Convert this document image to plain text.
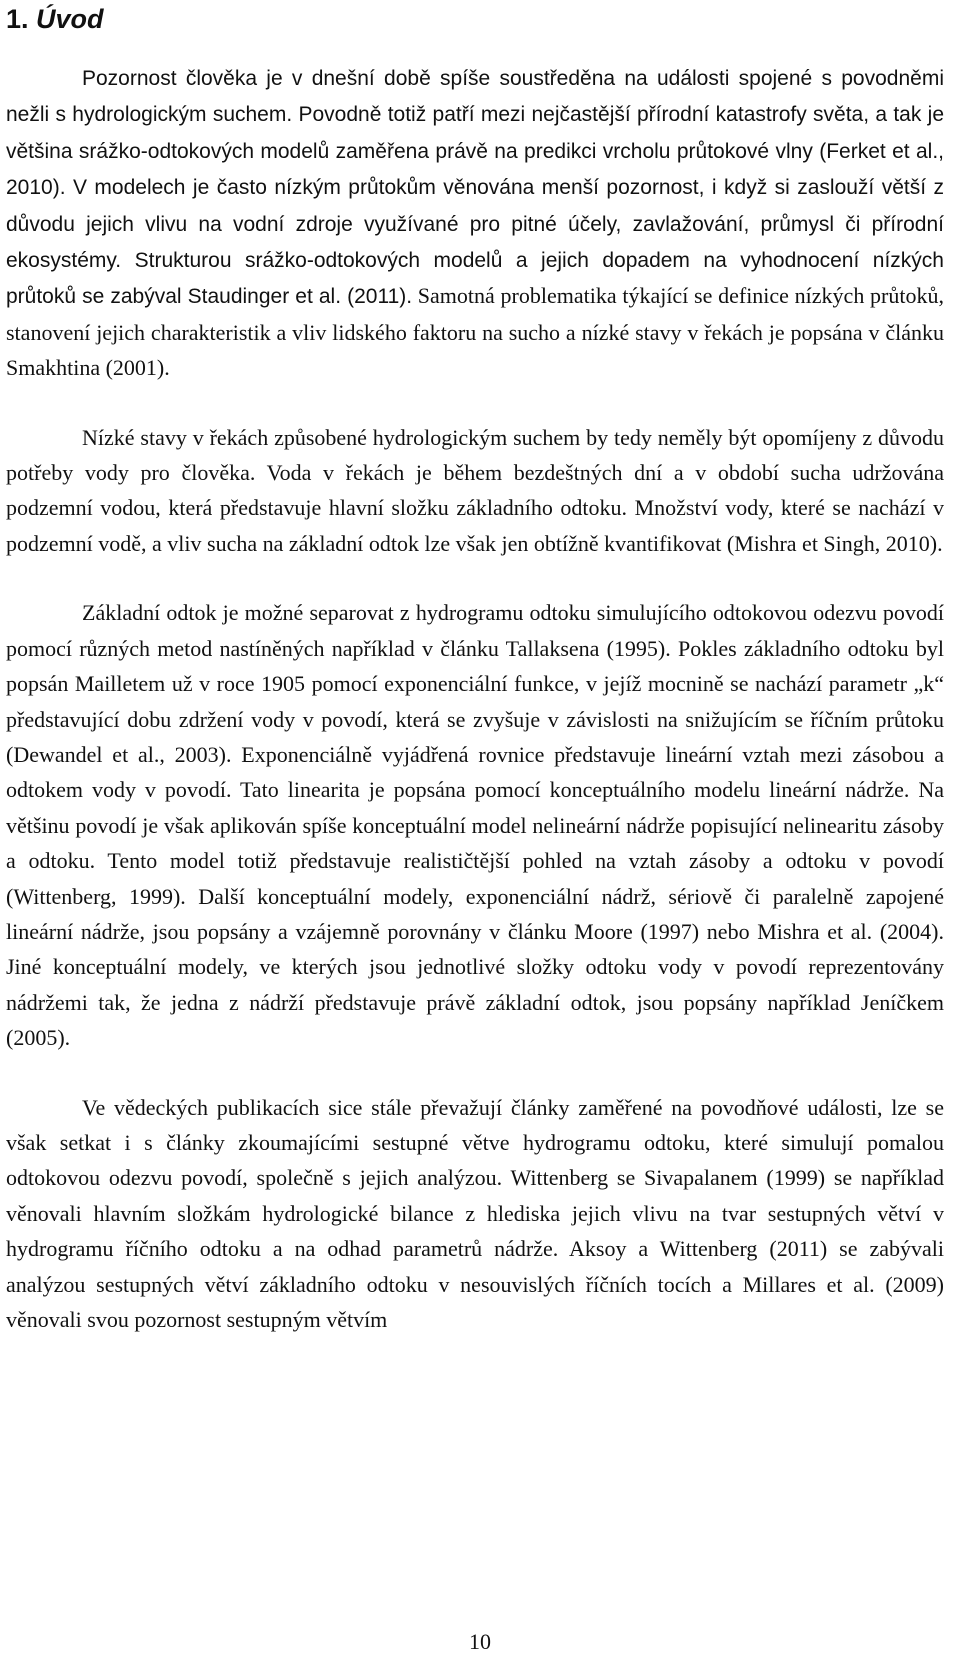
1. Úvod

Pozornost člověka je v dnešní době spíše soustředěna na události spojené s povodněmi nežli s hydrologickým suchem. Povodně totiž patří mezi nejčastější přírodní katastrofy světa, a tak je většina srážko-odtokových modelů zaměřena právě na predikci vrcholu průtokové vlny (Ferket et al., 2010). V modelech je často nízkým průtokům věnována menší pozornost, i když si zaslouží větší z důvodu jejich vlivu na vodní zdroje využívané pro pitné účely, zavlažování, průmysl či přírodní ekosystémy. Strukturou srážko-odtokových modelů a jejich dopadem na vyhodnocení nízkých průtoků se zabýval Staudinger et al. (2011). Samotná problematika týkající se definice nízkých průtoků, stanovení jejich charakteristik a vliv lidského faktoru na sucho a nízké stavy v řekách je popsána v článku Smakhtina (2001).

Nízké stavy v řekách způsobené hydrologickým suchem by tedy neměly být opomíjeny z důvodu potřeby vody pro člověka. Voda v řekách je během bezdeštných dní a v období sucha udržována podzemní vodou, která představuje hlavní složku základního odtoku. Množství vody, které se nachází v podzemní vodě, a vliv sucha na základní odtok lze však jen obtížně kvantifikovat (Mishra et Singh, 2010).

Základní odtok je možné separovat z hydrogramu odtoku simulujícího odtokovou odezvu povodí pomocí různých metod nastíněných například v článku Tallaksena (1995). Pokles základního odtoku byl popsán Mailletem už v roce 1905 pomocí exponenciální funkce, v jejíž mocnině se nachází parametr „k“ představující dobu zdržení vody v povodí, která se zvyšuje v závislosti na snižujícím se říčním průtoku (Dewandel et al., 2003). Exponenciálně vyjádřená rovnice představuje lineární vztah mezi zásobou a odtokem vody v povodí. Tato linearita je popsána pomocí konceptuálního modelu lineární nádrže. Na většinu povodí je však aplikován spíše konceptuální model nelineární nádrže popisující nelinearitu zásoby a odtoku. Tento model totiž představuje realističtější pohled na vztah zásoby a odtoku v povodí (Wittenberg, 1999). Další konceptuální modely, exponenciální nádrž, sériově či paralelně zapojené lineární nádrže, jsou popsány a vzájemně porovnány v článku Moore (1997) nebo Mishra et al. (2004). Jiné konceptuální modely, ve kterých jsou jednotlivé složky odtoku vody v povodí reprezentovány nádržemi tak, že jedna z nádrží představuje právě základní odtok, jsou popsány například Jeníčkem (2005).

Ve vědeckých publikacích sice stále převažují články zaměřené na povodňové události, lze se však setkat i s články zkoumajícími sestupné větve hydrogramu odtoku, které simulují pomalou odtokovou odezvu povodí, společně s jejich analýzou. Wittenberg se Sivapalanem (1999) se například věnovali hlavním složkám hydrologické bilance z hlediska jejich vlivu na tvar sestupných větví v hydrogramu říčního odtoku a na odhad parametrů nádrže. Aksoy a Wittenberg (2011) se zabývali analýzou sestupných větví základního odtoku v nesouvislých říčních tocích a Millares et al. (2009) věnovali svou pozornost sestupným větvím

10
